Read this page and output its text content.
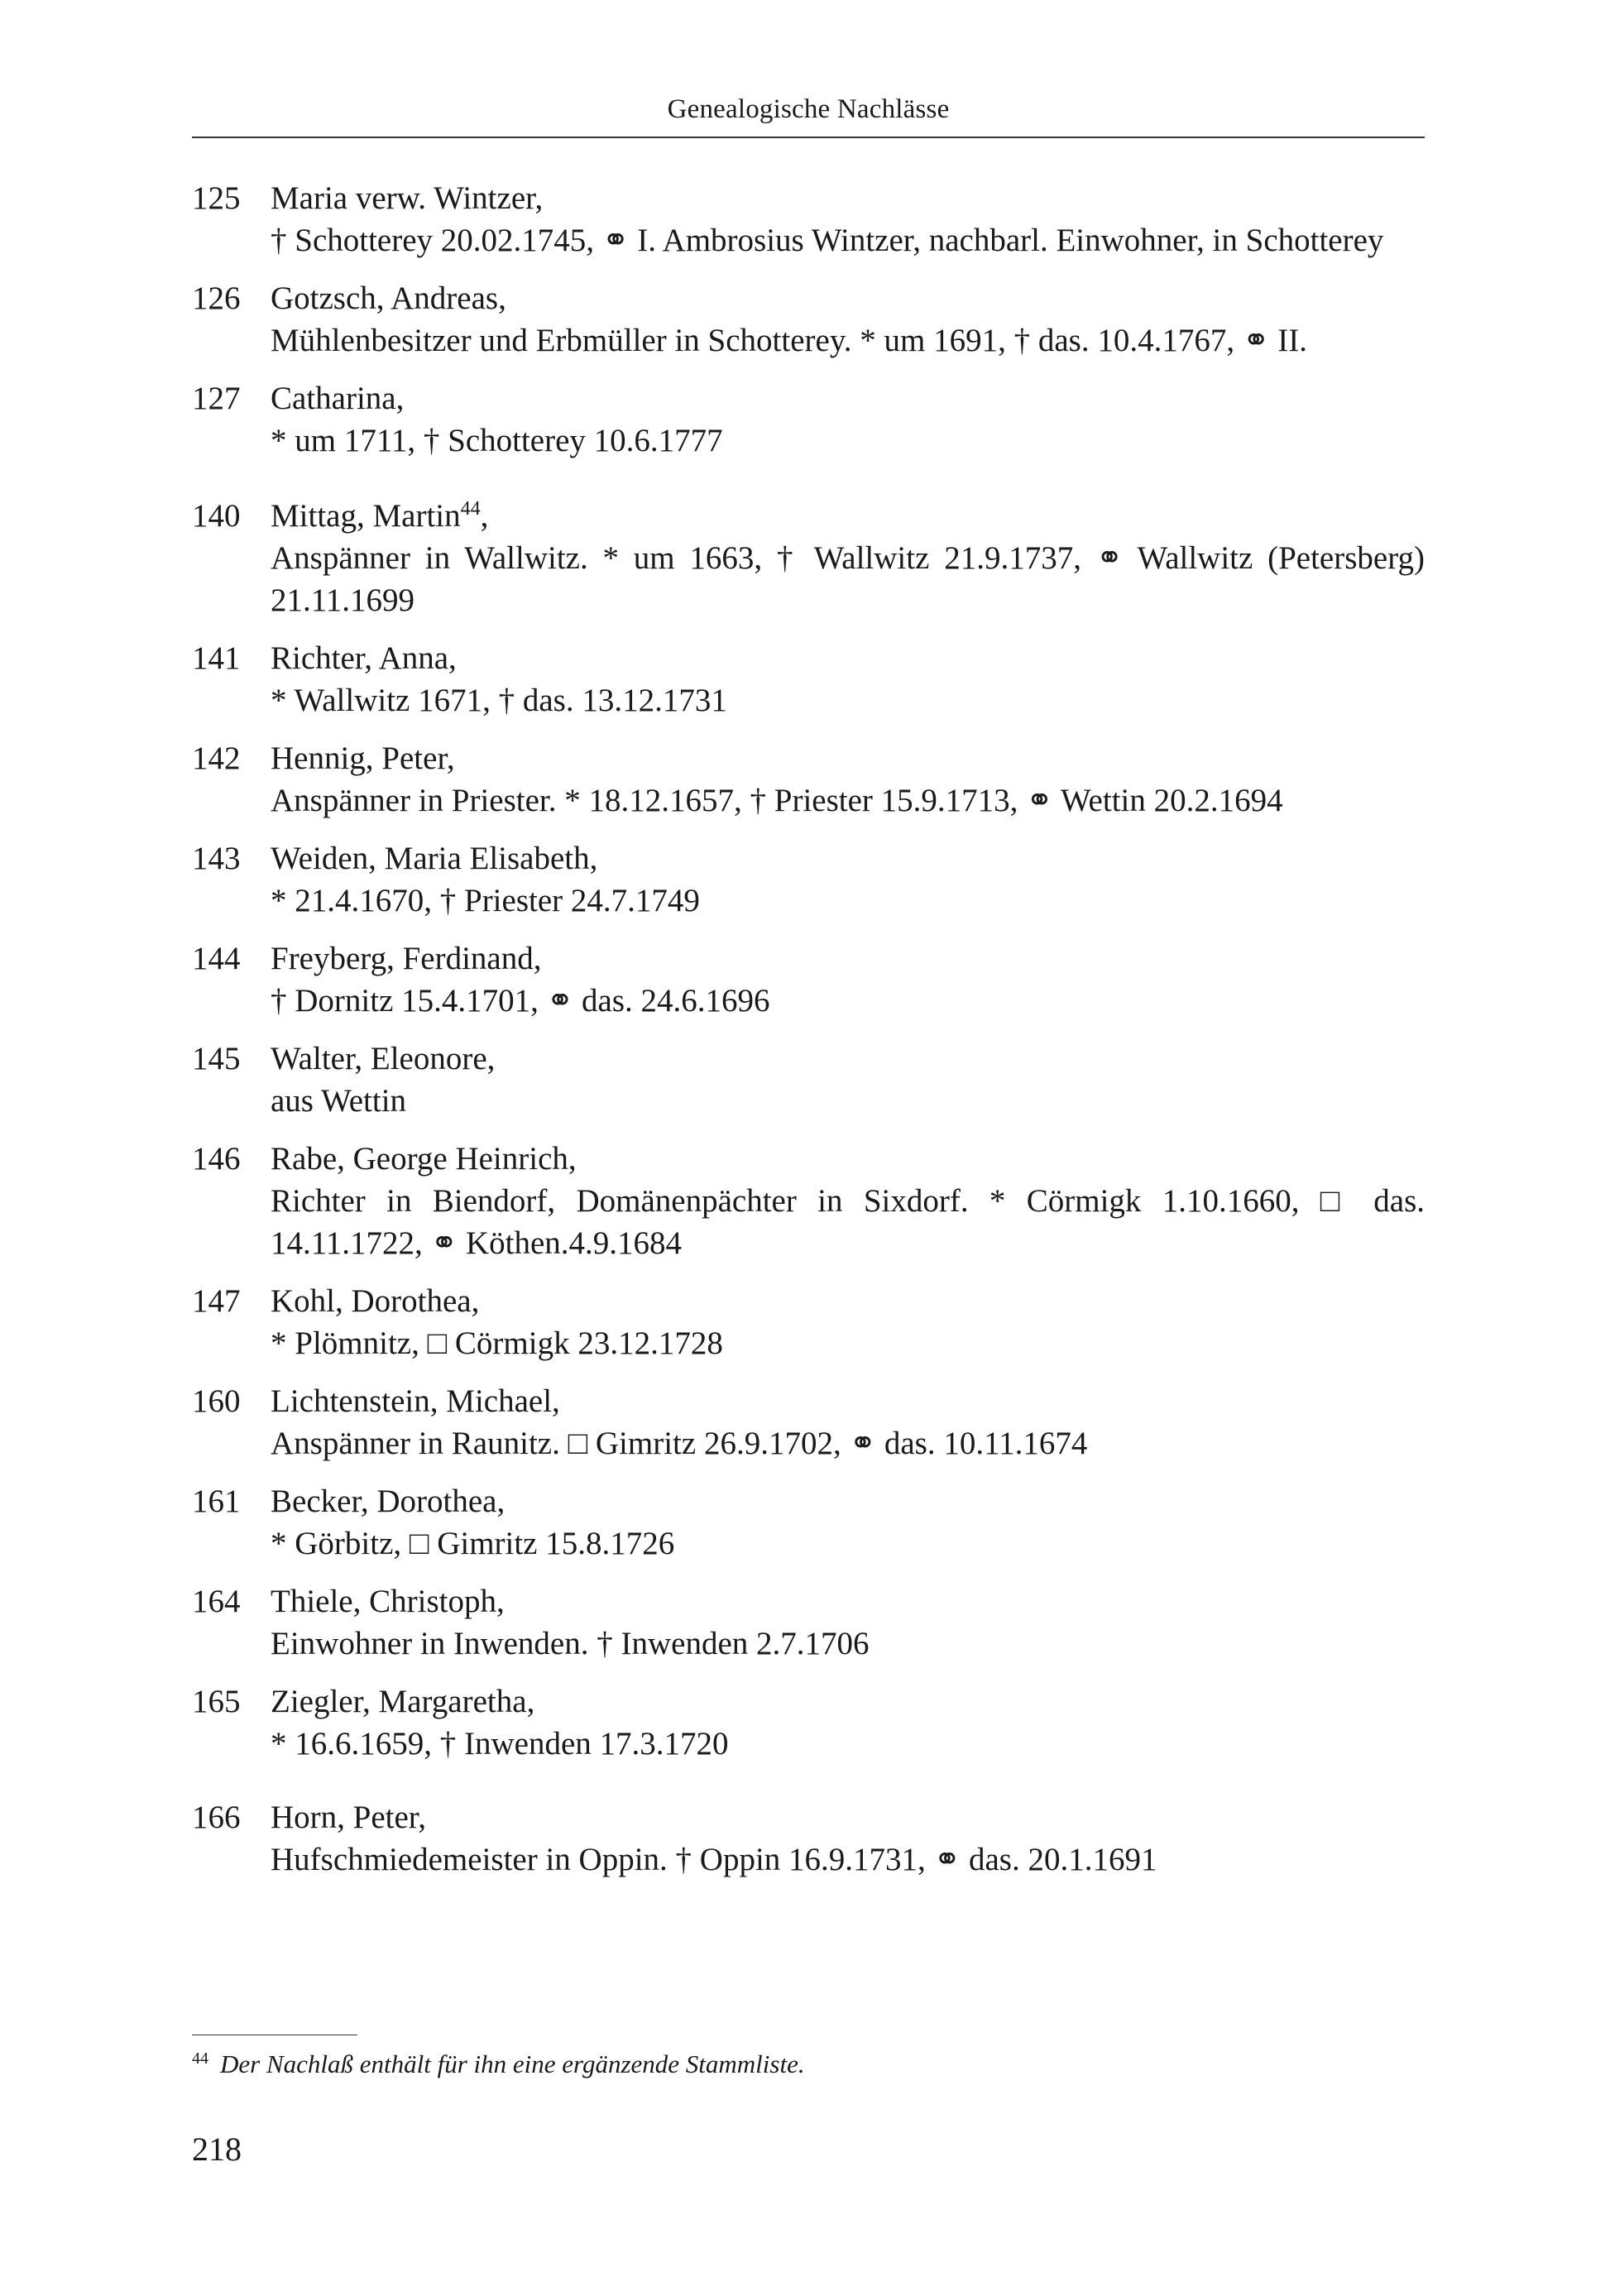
Genealogische Nachlässe
125 Maria verw. Wintzer,
† Schotterey 20.02.1745, ⚭ I. Ambrosius Wintzer, nachbarl. Einwohner, in Schotterey
126 Gotzsch, Andreas,
Mühlenbesitzer und Erbmüller in Schotterey. * um 1691, † das. 10.4.1767, ⚭ II.
127 Catharina,
* um 1711, † Schotterey 10.6.1777
140 Mittag, Martin$^{44}$,
Anspänner in Wallwitz. * um 1663, † Wallwitz 21.9.1737, ⚭ Wallwitz (Petersberg) 21.11.1699
141 Richter, Anna,
* Wallwitz 1671, † das. 13.12.1731
142 Hennig, Peter,
Anspänner in Priester. * 18.12.1657, † Priester 15.9.1713, ⚭ Wettin 20.2.1694
143 Weiden, Maria Elisabeth,
* 21.4.1670, † Priester 24.7.1749
144 Freyberg, Ferdinand,
† Dornitz 15.4.1701, ⚭ das. 24.6.1696
145 Walter, Eleonore,
aus Wettin
146 Rabe, George Heinrich,
Richter in Biendorf, Domänenpächter in Sixdorf. * Cörmigk 1.10.1660, □ das. 14.11.1722, ⚭ Köthen.4.9.1684
147 Kohl, Dorothea,
* Plömnitz, □ Cörmigk 23.12.1728
160 Lichtenstein, Michael,
Anspänner in Raunitz. □ Gimritz 26.9.1702, ⚭ das. 10.11.1674
161 Becker, Dorothea,
* Görbitz, □ Gimritz 15.8.1726
164 Thiele, Christoph,
Einwohner in Inwenden. † Inwenden 2.7.1706
165 Ziegler, Margaretha,
* 16.6.1659, † Inwenden 17.3.1720
166 Horn, Peter,
Hufschmiedemeister in Oppin. † Oppin 16.9.1731, ⚭ das. 20.1.1691
$^{44}$ Der Nachlaß enthält für ihn eine ergänzende Stammliste.
218
